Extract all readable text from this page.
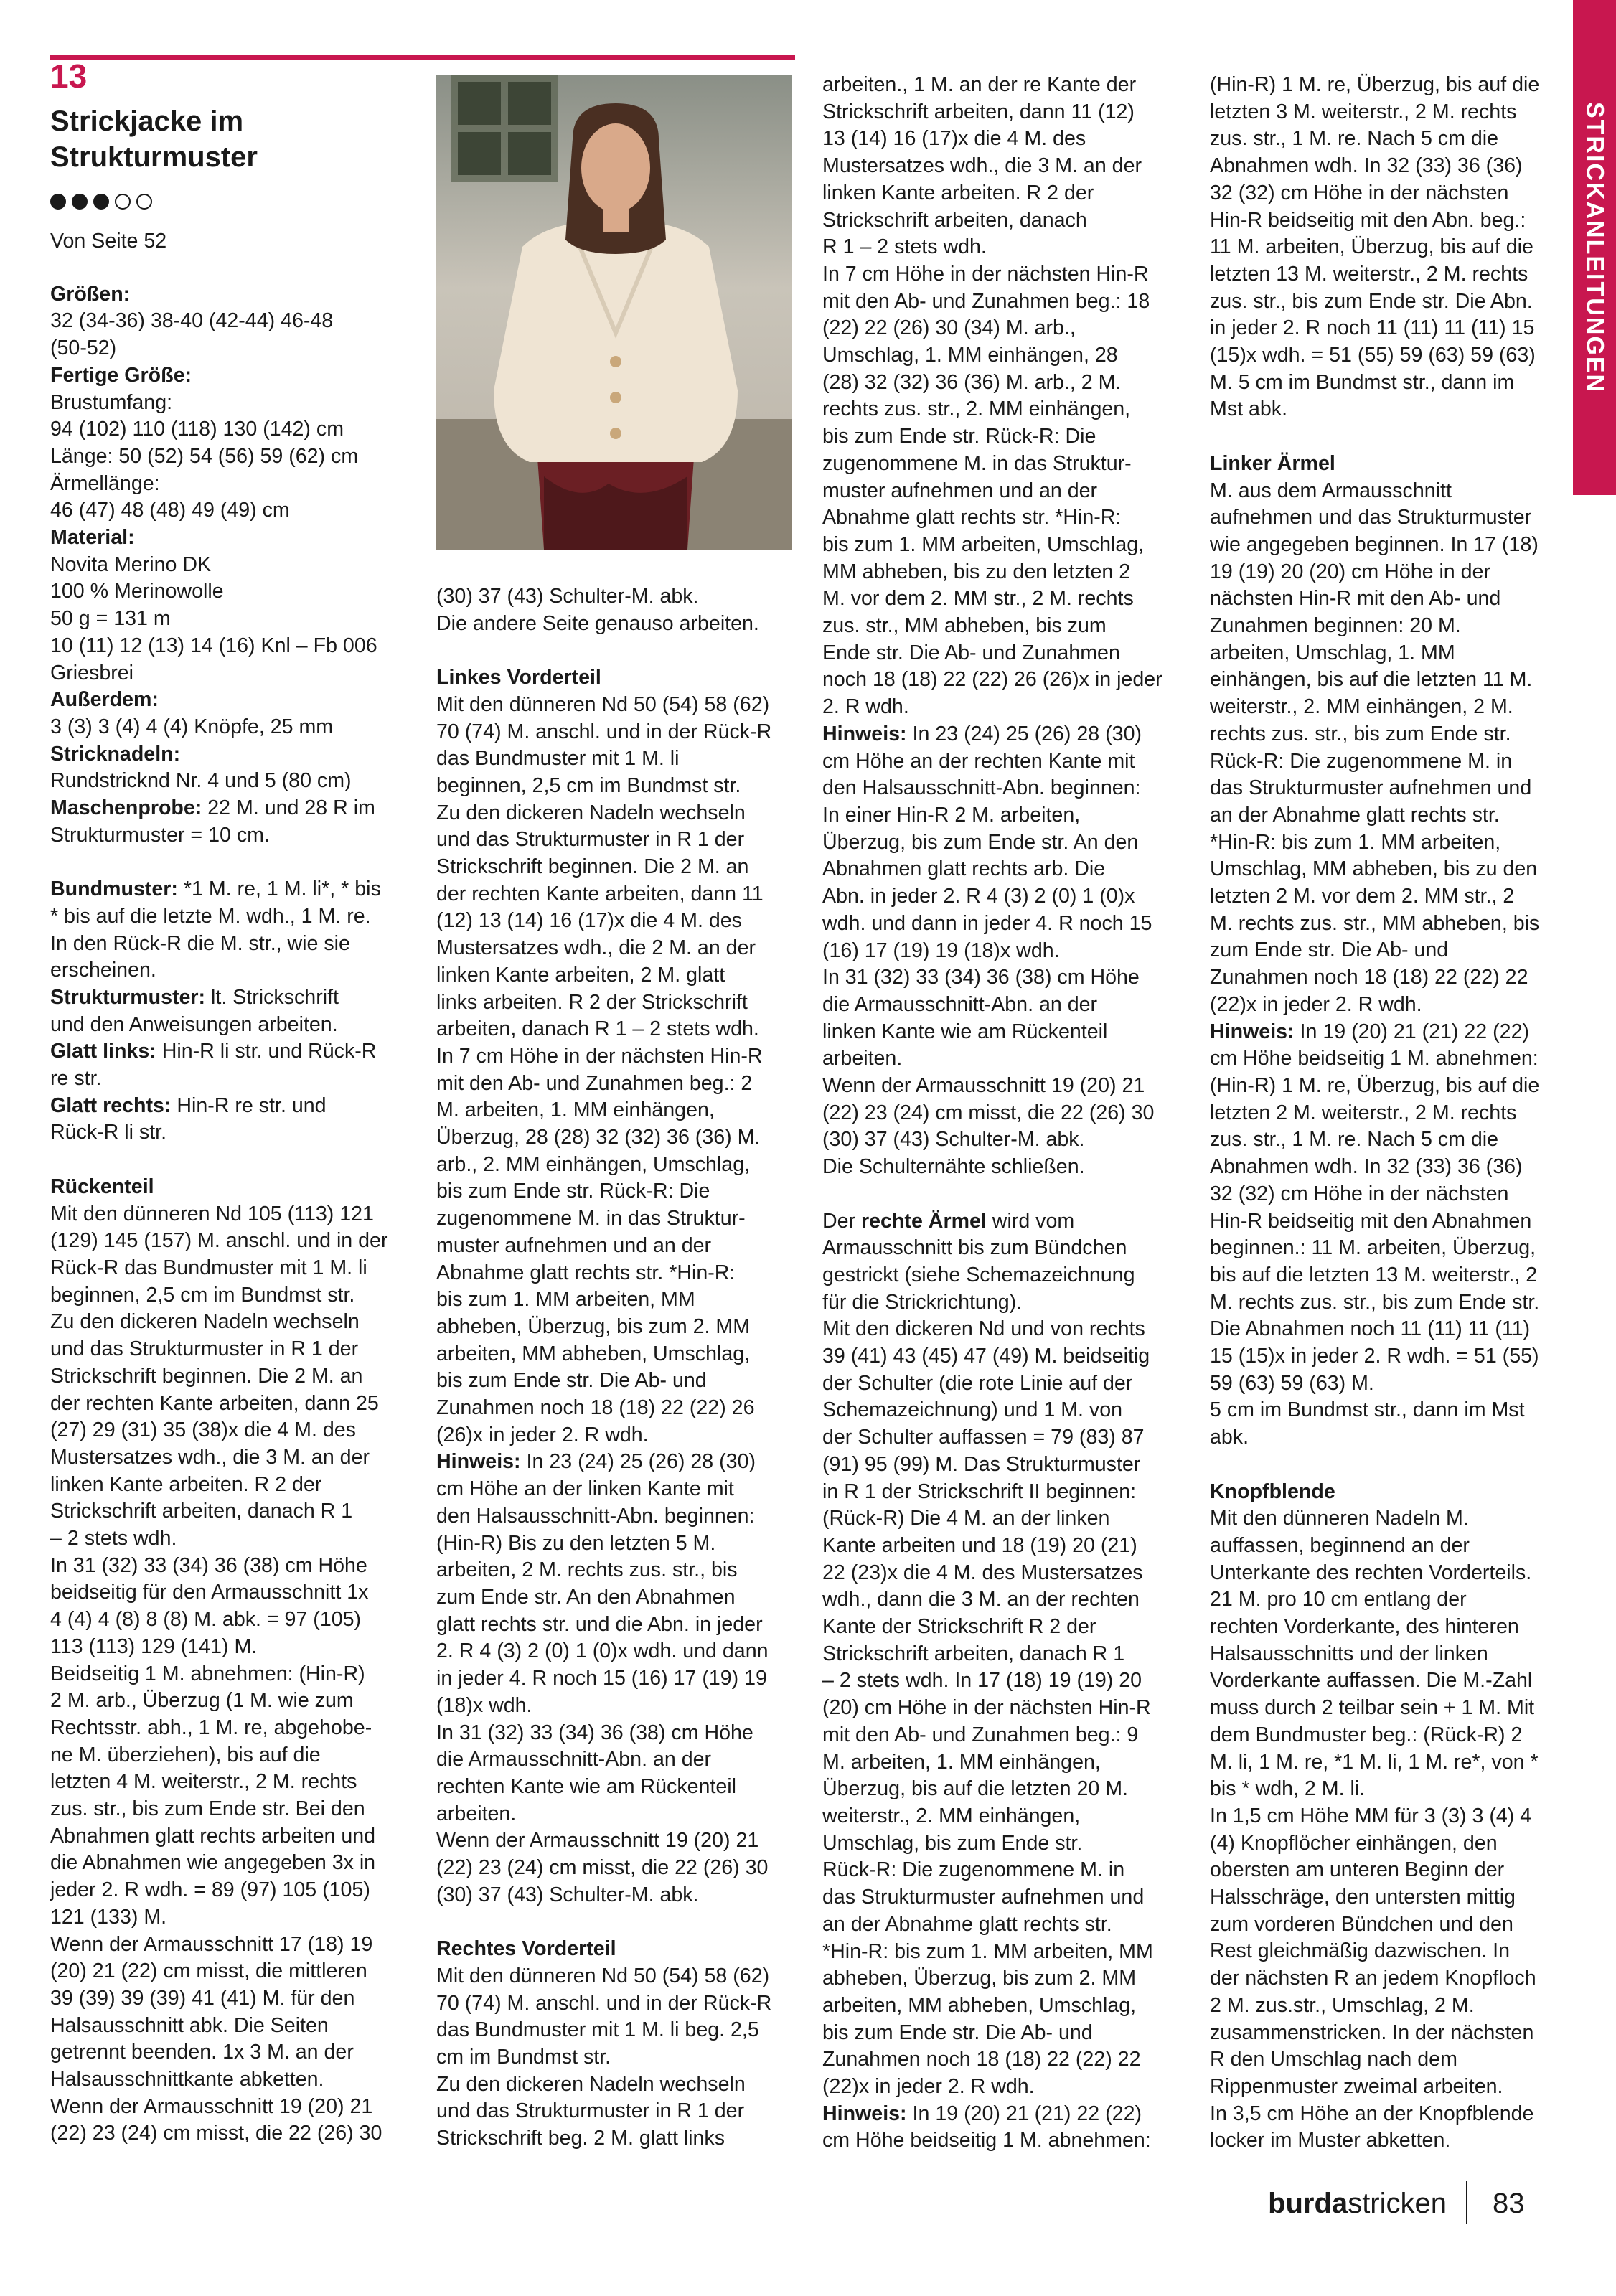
13
Strickjacke im
Strukturmuster
Von Seite 52

Größen:

32 (34-36) 38-40 (42-44) 46-48

(50-52)

Fertige Größe:

Brustumfang:

94 (102) 110 (118) 130 (142) cm

Länge: 50 (52) 54 (56) 59 (62) cm

Ärmellänge:

46 (47) 48 (48) 49 (49) cm

Material:

Novita Merino DK

100 % Merinowolle

50 g = 131 m

10 (11) 12 (13) 14 (16) Knl – Fb 006

Griesbrei

Außerdem:

3 (3) 3 (4) 4 (4) Knöpfe, 25 mm

Stricknadeln:

Rundstricknd Nr. 4 und 5 (80 cm)

Maschenprobe: 22 M. und 28 R im

Strukturmuster = 10 cm.

Bundmuster: *1 M. re, 1 M. li*, * bis

* bis auf die letzte M. wdh., 1 M. re.

In den Rück-R die M. str., wie sie

erscheinen.

Strukturmuster: lt. Strickschrift

und den Anweisungen arbeiten.

Glatt links: Hin-R li str. und Rück-R

re str.

Glatt rechts: Hin-R re str. und

Rück-R li str.

Rückenteil

Mit den dünneren Nd 105 (113) 121

(129) 145 (157) M. anschl. und in der

Rück-R das Bundmuster mit 1 M. li

beginnen, 2,5 cm im Bundmst str.

Zu den dickeren Nadeln wechseln

und das Strukturmuster in R 1 der

Strickschrift beginnen. Die 2 M. an

der rechten Kante arbeiten, dann 25

(27) 29 (31) 35 (38)x die 4 M. des

Mustersatzes wdh., die 3 M. an der

linken Kante arbeiten. R 2 der

Strickschrift arbeiten, danach R 1

– 2 stets wdh.

In 31 (32) 33 (34) 36 (38) cm Höhe

beidseitig für den Armausschnitt 1x

4 (4) 4 (8) 8 (8) M. abk. = 97 (105)

113 (113) 129 (141) M.

Beidseitig 1 M. abnehmen: (Hin-R)

2 M. arb., Überzug (1 M. wie zum

Rechtsstr. abh., 1 M. re, abgehobe-

ne M. überziehen), bis auf die

letzten 4 M. weiterstr., 2 M. rechts

zus. str., bis zum Ende str. Bei den

Abnahmen glatt rechts arbeiten und

die Abnahmen wie angegeben 3x in

jeder 2. R wdh. = 89 (97) 105 (105)

121 (133) M.

Wenn der Armausschnitt 17 (18) 19

(20) 21 (22) cm misst, die mittleren

39 (39) 39 (39) 41 (41) M. für den

Halsausschnitt abk. Die Seiten

getrennt beenden. 1x 3 M. an der

Halsausschnittkante abketten.

Wenn der Armausschnitt 19 (20) 21

(22) 23 (24) cm misst, die 22 (26) 30

(30) 37 (43) Schulter-M. abk.

Die andere Seite genauso arbeiten.

Linkes Vorderteil

Mit den dünneren Nd 50 (54) 58 (62)

70 (74) M. anschl. und in der Rück-R

das Bundmuster mit 1 M. li

beginnen, 2,5 cm im Bundmst str.

Zu den dickeren Nadeln wechseln

und das Strukturmuster in R 1 der

Strickschrift beginnen. Die 2 M. an

der rechten Kante arbeiten, dann 11

(12) 13 (14) 16 (17)x die 4 M. des

Mustersatzes wdh., die 2 M. an der

linken Kante arbeiten, 2 M. glatt

links arbeiten. R 2 der Strickschrift

arbeiten, danach R 1 – 2 stets wdh.

In 7 cm Höhe in der nächsten Hin-R

mit den Ab- und Zunahmen beg.: 2

M. arbeiten, 1. MM einhängen,

Überzug, 28 (28) 32 (32) 36 (36) M.

arb., 2. MM einhängen, Umschlag,

bis zum Ende str. Rück-R: Die

zugenommene M. in das Struktur-

muster aufnehmen und an der

Abnahme glatt rechts str. *Hin-R:

bis zum 1. MM arbeiten, MM

abheben, Überzug, bis zum 2. MM

arbeiten, MM abheben, Umschlag,

bis zum Ende str. Die Ab- und

Zunahmen noch 18 (18) 22 (22) 26

(26)x in jeder 2. R wdh.

Hinweis: In 23 (24) 25 (26) 28 (30)

cm Höhe an der linken Kante mit

den Halsausschnitt-Abn. beginnen:

(Hin-R) Bis zu den letzten 5 M.

arbeiten, 2 M. rechts zus. str., bis

zum Ende str. An den Abnahmen

glatt rechts str. und die Abn. in jeder

2. R 4 (3) 2 (0) 1 (0)x wdh. und dann

in jeder 4. R noch 15 (16) 17 (19) 19

(18)x wdh.

In 31 (32) 33 (34) 36 (38) cm Höhe

die Armausschnitt-Abn. an der

rechten Kante wie am Rückenteil

arbeiten.

Wenn der Armausschnitt 19 (20) 21

(22) 23 (24) cm misst, die 22 (26) 30

(30) 37 (43) Schulter-M. abk.

Rechtes Vorderteil

Mit den dünneren Nd 50 (54) 58 (62)

70 (74) M. anschl. und in der Rück-R

das Bundmuster mit 1 M. li beg. 2,5

cm im Bundmst str.

Zu den dickeren Nadeln wechseln

und das Strukturmuster in R 1 der

Strickschrift beg. 2 M. glatt links

arbeiten., 1 M. an der re Kante der

Strickschrift arbeiten, dann 11 (12)

13 (14) 16 (17)x die 4 M. des

Mustersatzes wdh., die 3 M. an der

linken Kante arbeiten. R 2 der

Strickschrift arbeiten, danach

R 1 – 2 stets wdh.

In 7 cm Höhe in der nächsten Hin-R

mit den Ab- und Zunahmen beg.: 18

(22) 22 (26) 30 (34) M. arb.,

Umschlag, 1. MM einhängen, 28

(28) 32 (32) 36 (36) M. arb., 2 M.

rechts zus. str., 2. MM einhängen,

bis zum Ende str. Rück-R: Die

zugenommene M. in das Struktur-

muster aufnehmen und an der

Abnahme glatt rechts str. *Hin-R:

bis zum 1. MM arbeiten, Umschlag,

MM abheben, bis zu den letzten 2

M. vor dem 2. MM str., 2 M. rechts

zus. str., MM abheben, bis zum

Ende str. Die Ab- und Zunahmen

noch 18 (18) 22 (22) 26 (26)x in jeder

2. R wdh.

Hinweis: In 23 (24) 25 (26) 28 (30)

cm Höhe an der rechten Kante mit

den Halsausschnitt-Abn. beginnen:

In einer Hin-R 2 M. arbeiten,

Überzug, bis zum Ende str. An den

Abnahmen glatt rechts arb. Die

Abn. in jeder 2. R 4 (3) 2 (0) 1 (0)x

wdh. und dann in jeder 4. R noch 15

(16) 17 (19) 19 (18)x wdh.

In 31 (32) 33 (34) 36 (38) cm Höhe

die Armausschnitt-Abn. an der

linken Kante wie am Rückenteil

arbeiten.

Wenn der Armausschnitt 19 (20) 21

(22) 23 (24) cm misst, die 22 (26) 30

(30) 37 (43) Schulter-M. abk.

Die Schulternähte schließen.

Der rechte Ärmel wird vom

Armausschnitt bis zum Bündchen

gestrickt (siehe Schemazeichnung

für die Strickrichtung).

Mit den dickeren Nd und von rechts

39 (41) 43 (45) 47 (49) M. beidseitig

der Schulter (die rote Linie auf der

Schemazeichnung) und 1 M. von

der Schulter auffassen = 79 (83) 87

(91) 95 (99) M. Das Strukturmuster

in R 1 der Strickschrift II beginnen:

(Rück-R) Die 4 M. an der linken

Kante arbeiten und 18 (19) 20 (21)

22 (23)x die 4 M. des Mustersatzes

wdh., dann die 3 M. an der rechten

Kante der Strickschrift R 2 der

Strickschrift arbeiten, danach R 1

– 2 stets wdh. In 17 (18) 19 (19) 20

(20) cm Höhe in der nächsten Hin-R

mit den Ab- und Zunahmen beg.: 9

M. arbeiten, 1. MM einhängen,

Überzug, bis auf die letzten 20 M.

weiterstr., 2. MM einhängen,

Umschlag, bis zum Ende str.

Rück-R: Die zugenommene M. in

das Strukturmuster aufnehmen und

an der Abnahme glatt rechts str.

*Hin-R: bis zum 1. MM arbeiten, MM

abheben, Überzug, bis zum 2. MM

arbeiten, MM abheben, Umschlag,

bis zum Ende str. Die Ab- und

Zunahmen noch 18 (18) 22 (22) 22

(22)x in jeder 2. R wdh.

Hinweis: In 19 (20) 21 (21) 22 (22)

cm Höhe beidseitig 1 M. abnehmen:

(Hin-R) 1 M. re, Überzug, bis auf die

letzten 3 M. weiterstr., 2 M. rechts

zus. str., 1 M. re. Nach 5 cm die

Abnahmen wdh. In 32 (33) 36 (36)

32 (32) cm Höhe in der nächsten

Hin-R beidseitig mit den Abn. beg.:

11 M. arbeiten, Überzug, bis auf die

letzten 13 M. weiterstr., 2 M. rechts

zus. str., bis zum Ende str. Die Abn.

in jeder 2. R noch 11 (11) 11 (11) 15

(15)x wdh. = 51 (55) 59 (63) 59 (63)

M. 5 cm im Bundmst str., dann im

Mst abk.

Linker Ärmel

M. aus dem Armausschnitt

aufnehmen und das Strukturmuster

wie angegeben beginnen. In 17 (18)

19 (19) 20 (20) cm Höhe in der

nächsten Hin-R mit den Ab- und

Zunahmen beginnen: 20 M.

arbeiten, Umschlag, 1. MM

einhängen, bis auf die letzten 11 M.

weiterstr., 2. MM einhängen, 2 M.

rechts zus. str., bis zum Ende str.

Rück-R: Die zugenommene M. in

das Strukturmuster aufnehmen und

an der Abnahme glatt rechts str.

*Hin-R: bis zum 1. MM arbeiten,

Umschlag, MM abheben, bis zu den

letzten 2 M. vor dem 2. MM str., 2

M. rechts zus. str., MM abheben, bis

zum Ende str. Die Ab- und

Zunahmen noch 18 (18) 22 (22) 22

(22)x in jeder 2. R wdh.

Hinweis: In 19 (20) 21 (21) 22 (22)

cm Höhe beidseitig 1 M. abnehmen:

(Hin-R) 1 M. re, Überzug, bis auf die

letzten 2 M. weiterstr., 2 M. rechts

zus. str., 1 M. re. Nach 5 cm die

Abnahmen wdh. In 32 (33) 36 (36)

32 (32) cm Höhe in der nächsten

Hin-R beidseitig mit den Abnahmen

beginnen.: 11 M. arbeiten, Überzug,

bis auf die letzten 13 M. weiterstr., 2

M. rechts zus. str., bis zum Ende str.

Die Abnahmen noch 11 (11) 11 (11)

15 (15)x in jeder 2. R wdh. = 51 (55)

59 (63) 59 (63) M.

5 cm im Bundmst str., dann im Mst

abk.

Knopfblende

Mit den dünneren Nadeln M.

auffassen, beginnend an der

Unterkante des rechten Vorderteils.

21 M. pro 10 cm entlang der

rechten Vorderkante, des hinteren

Halsausschnitts und der linken

Vorderkante auffassen. Die M.-Zahl

muss durch 2 teilbar sein + 1 M. Mit

dem Bundmuster beg.: (Rück-R) 2

M. li, 1 M. re, *1 M. li, 1 M. re*, von *

bis * wdh, 2 M. li.

In 1,5 cm Höhe MM für 3 (3) 3 (4) 4

(4) Knopflöcher einhängen, den

obersten am unteren Beginn der

Halsschräge, den untersten mittig

zum vorderen Bündchen und den

Rest gleichmäßig dazwischen. In

der nächsten R an jedem Knopfloch

2 M. zus.str., Umschlag, 2 M.

zusammenstricken. In der nächsten

R den Umschlag nach dem

Rippenmuster zweimal arbeiten.

In 3,5 cm Höhe an der Knopfblende

locker im Muster abketten.

STRICKANLEITUNGEN
burdastricken 83
